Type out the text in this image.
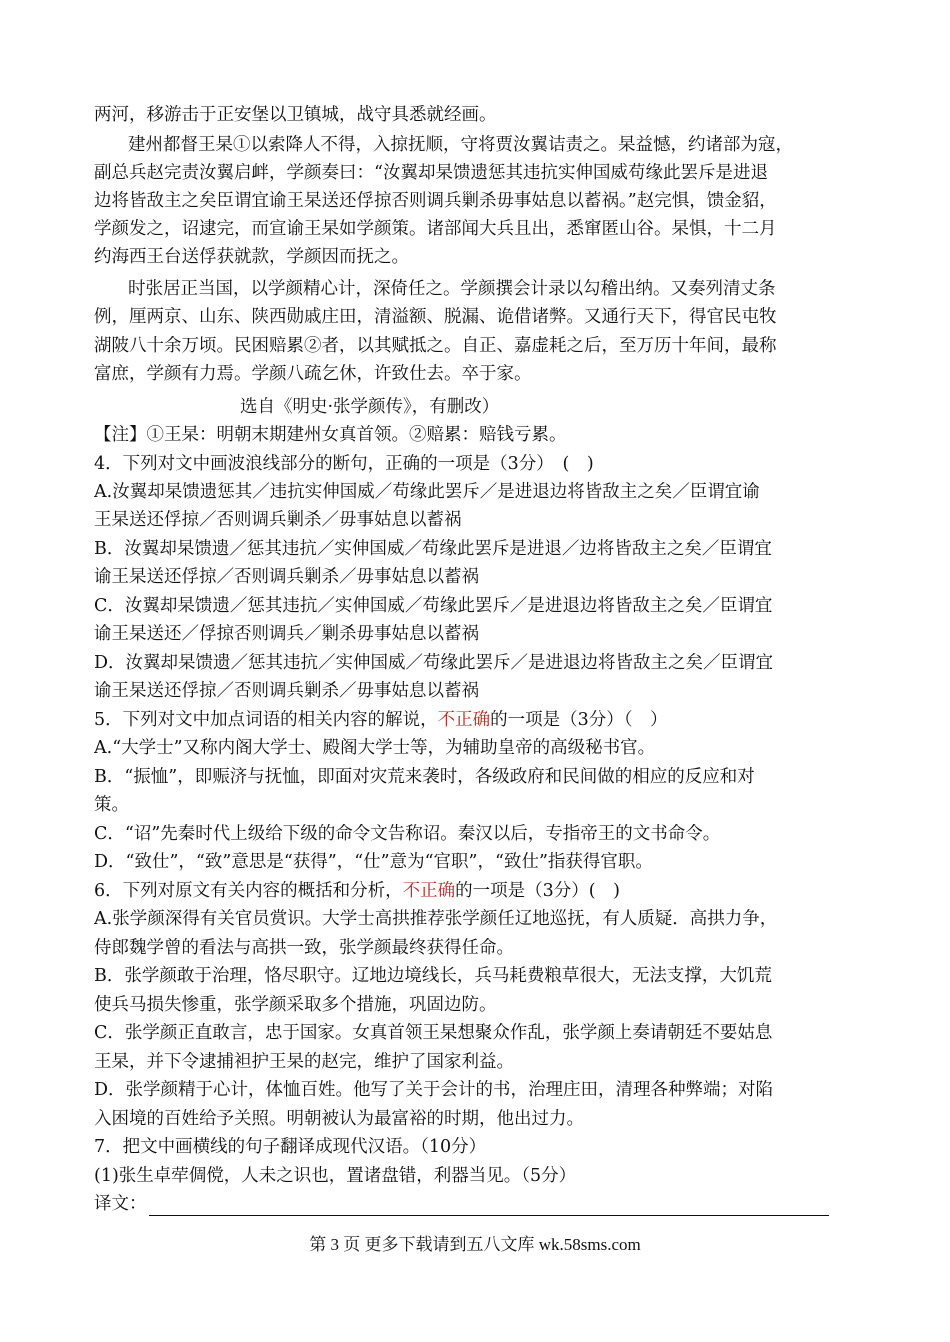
两河，移游击于正安堡以卫镇城，战守具悉就经画。
建州都督王杲①以索降人不得，入掠抚顺，守将贾汝翼诘责之。杲益憾，约诸部为寇，
副总兵赵完责汝翼启衅，学颜奏曰：“汝翼却杲馈遗惩其违抗实伸国威苟缘此罢斥是进退
边将皆敌主之矣臣谓宜谕王杲送还俘掠否则调兵剿杀毋事姑息以蓄祸。”赵完惧，馈金貂，
学颜发之，诏逮完，而宣谕王杲如学颜策。诸部闻大兵且出，悉窜匿山谷。杲惧，十二月
约海西王台送俘获就款，学颜因而抚之。
时张居正当国，以学颜精心计，深倚任之。学颜撰会计录以勾稽出纳。又奏列清丈条
例，厘两京、山东、陕西勋戚庄田，清溢额、脱漏、诡借诸弊。又通行天下，得官民屯牧
湖陂八十余万顷。民困赔累②者，以其赋抵之。自正、嘉虚耗之后，至万历十年间，最称
富庶，学颜有力焉。学颜八疏乞休，许致仕去。卒于家。
选自《明史·张学颜传》，有删改）
【注】①王杲：明朝末期建州女真首领。②赔累：赔钱亏累。
4．下列对文中画波浪线部分的断句，正确的一项是（3分）　(　)
A.汝翼却杲馈遗惩其／违抗实伸国威／苟缘此罢斥／是进退边将皆敌主之矣／臣谓宜谕
王杲送还俘掠／否则调兵剿杀／毋事姑息以蓄祸
B．汝翼却杲馈遗／惩其违抗／实伸国威／苟缘此罢斥是进退／边将皆敌主之矣／臣谓宜
谕王杲送还俘掠／否则调兵剿杀／毋事姑息以蓄祸
C．汝翼却杲馈遗／惩其违抗／实伸国威／苟缘此罢斥／是进退边将皆敌主之矣／臣谓宜
谕王杲送还／俘掠否则调兵／剿杀毋事姑息以蓄祸
D．汝翼却杲馈遗／惩其违抗／实伸国威／苟缘此罢斥／是进退边将皆敌主之矣／臣谓宜
谕王杲送还俘掠／否则调兵剿杀／毋事姑息以蓄祸
5．下列对文中加点词语的相关内容的解说，不正确的一项是（3分）（　）
A.“大学士”又称内阁大学士、殿阁大学士等，为辅助皇帝的高级秘书官。
B．“振恤”，即赈济与抚恤，即面对灾荒来袭时，各级政府和民间做的相应的反应和对
策。
C．“诏”先秦时代上级给下级的命令文告称诏。秦汉以后，专指帝王的文书命令。
D．“致仕”，“致”意思是“获得”，“仕”意为“官职”，“致仕”指获得官职。
6．下列对原文有关内容的概括和分析，不正确的一项是（3分）(　)
A.张学颜深得有关官员赏识。大学士高拱推荐张学颜任辽地巡抚，有人质疑．高拱力争，
侍郎魏学曾的看法与高拱一致，张学颜最终获得任命。
B．张学颜敢于治理，恪尽职守。辽地边境线长，兵马耗费粮草很大，无法支撑，大饥荒
使兵马损失惨重，张学颜采取多个措施，巩固边防。
C．张学颜正直敢言，忠于国家。女真首领王杲想聚众作乱，张学颜上奏请朝廷不要姑息
王杲，并下令逮捕袒护王杲的赵完，维护了国家利益。
D．张学颜精于心计，体恤百姓。他写了关于会计的书，治理庄田，清理各种弊端；对陷
入困境的百姓给予关照。明朝被认为最富裕的时期，他出过力。
7．把文中画横线的句子翻译成现代汉语。（10分）
(1)张生卓荦倜傥，人未之识也，置诸盘错，利器当见。（5分）
译文：
第 3 页 更多下载请到五八文库 wk.58sms.com
